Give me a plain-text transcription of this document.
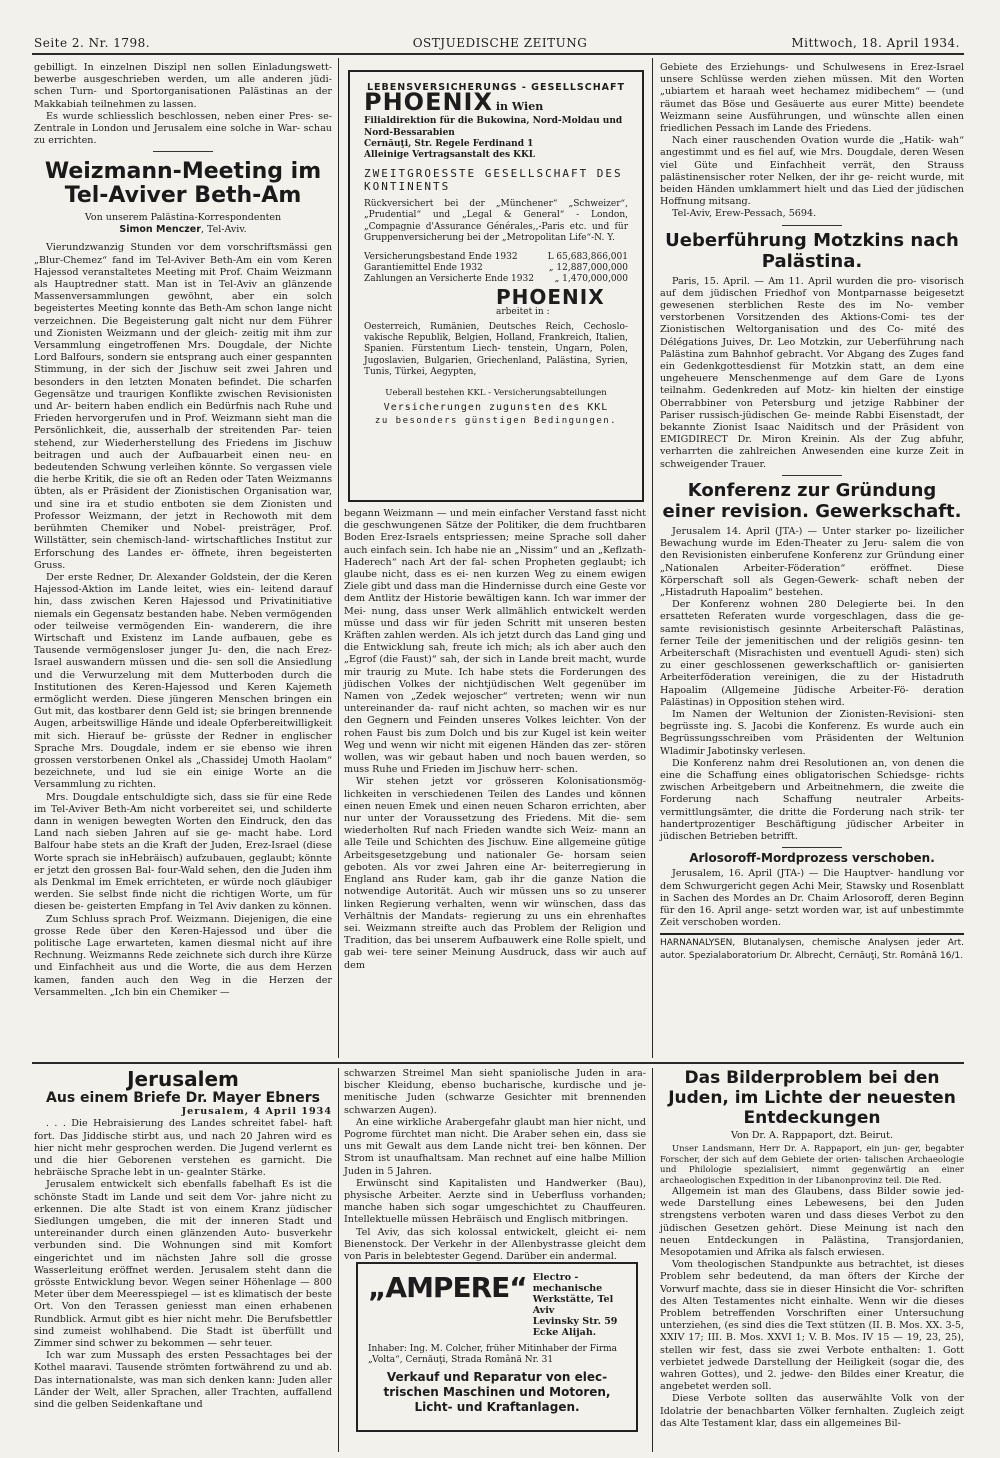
Seite 2. Nr. 1798.	OSTJUEDISCHE ZEITUNG	Mittwoch, 18. April 1934.

gebilligt. In einzelnen Diszipl nen sollen Einladungswett- bewerbe ausgeschrieben werden, um alle anderen jüdi- schen Turn- und Sportorganisationen Palästinas an der Makkabiah teilnehmen zu lassen.

Es wurde schliesslich beschlossen, neben einer Pres- se-Zentrale in London und Jerusalem eine solche in War- schau zu errichten.

Weizmann-Meeting im Tel-Aviver Beth-Am
Von unserem Palästina-Korrespondenten
Simon Menczer, Tel-Aviv.

Vierundzwanzig Stunden vor dem vorschriftsmässi gen „Blur-Chemez“ fand im Tel-Aviver Beth-Am ein vom Keren Hajessod veranstaltetes Meeting mit Prof. Chaim Weizmann als Hauptredner statt. Man ist in Tel-Aviv an glänzende Massenversammlungen gewöhnt, aber ein solch begeistertes Meeting konnte das Beth-Am schon lange nicht verzeichnen. Die Begeisterung galt nicht nur dem Führer und Zionisten Weizmann und der gleich- zeitig mit ihm zur Versammlung eingetroffenen Mrs. Dougdale, der Nichte Lord Balfours, sondern sie entsprang auch einer gespannten Stimmung, in der sich der Jischuw seit zwei Jahren und besonders in den letzten Monaten befindet. Die scharfen Gegensätze und traurigen Konflikte zwischen Revisionisten und Ar- beitern haben endlich ein Bedürfnis nach Ruhe und Frieden hervorgerufen und in Prof. Weizmann sieht man die Persönlichkeit, die, ausserhalb der streitenden Par- teien stehend, zur Wiederherstellung des Friedens im Jischuw beitragen und auch der Aufbauarbeit einen neu- en bedeutenden Schwung verleihen könnte. So vergassen viele die herbe Kritik, die sie oft an Reden oder Taten Weizmanns übten, als er Präsident der Zionistischen Organisation war, und sine ira et studio entboten sie dem Zionisten und Professor Weizmann, der jetzt in Rechowoth mit dem berühmten Chemiker und Nobel- preisträger, Prof. Willstätter, sein chemisch-land- wirtschaftliches Institut zur Erforschung des Landes er- öffnete, ihren begeisterten Gruss.

Der erste Redner, Dr. Alexander Goldstein, der die Keren Hajessod-Aktion im Lande leitet, wies ein- leitend darauf hin, dass zwischen Keren Hajessod und Privatinitiative niemals ein Gegensatz bestanden habe. Neben vermögenden oder teilweise vermögenden Ein- wanderern, die ihre Wirtschaft und Existenz im Lande aufbauen, gebe es Tausende vermögensloser junger Ju- den, die nach Erez-Israel auswandern müssen und die- sen soll die Ansiedlung und die Verwurzelung mit dem Mutterboden durch die Institutionen des Keren-Hajessod und Keren Kajemeth ermöglicht werden. Diese jüngeren Menschen bringen ein Gut mit, das kostbarer denn Geld ist; sie bringen brennende Augen, arbeitswillige Hände und ideale Opferbereitwilligkeit mit sich. Hierauf be- grüsste der Redner in englischer Sprache Mrs. Dougdale, indem er sie ebenso wie ihren grossen verstorbenen Onkel als „Chassidej Umoth Haolam“ bezeichnete, und lud sie ein einige Worte an die Versammlung zu richten.

Mrs. Dougdale entschuldigte sich, dass sie für eine Rede im Tel-Aviver Beth-Am nicht vorbereitet sei, und schilderte dann in wenigen bewegten Worten den Eindruck, den das Land nach sieben Jahren auf sie ge- macht habe. Lord Balfour habe stets an die Kraft der Juden, Erez-Israel (diese Worte sprach sie inHebräisch) aufzubauen, geglaubt; könnte er jetzt den grossen Bal- four-Wald sehen, den die Juden ihm als Denkmal im Emek errichteten, er würde noch gläubiger werden. Sie selbst finde nicht die richtigen Worte, um für diesen be- geisterten Empfang in Tel Aviv danken zu können.

Zum Schluss sprach Prof. Weizmann. Diejenigen, die eine grosse Rede über den Keren-Hajessod und über die politische Lage erwarteten, kamen diesmal nicht auf ihre Rechnung. Weizmanns Rede zeichnete sich durch ihre Kürze und Einfachheit aus und die Worte, die aus dem Herzen kamen, fanden auch den Weg in die Herzen der Versammelten. „Ich bin ein Chemiker —

LEBENSVERSICHERUNGS - GESELLSCHAFT
PHOENIX in Wien
Filialdirektion für die Bukowina, Nord-Moldau und Nord-Bessarabien
Cernăuţi, Str. Regele Ferdinand 1
Alleinige Vertragsanstalt des KKL
ZWEITGROESSTE GESELLSCHAFT DES KONTINENTS
Rückversichert bei der „Münchener“ „Schweizer“, „Prudential“ und „Legal & General“ - London, „Compagnie d'Assurance Générales,,-Paris etc. und für Gruppenversicherung bei der „Metropolitan Life“-N. Y.
Versicherungsbestand Ende 1932	L 65,683,866,001
Garantiemittel Ende 1932	„ 12,887,000,000
Zahlungen an Versicherte Ende 1932 „ 1,470,000,000
PHOENIX
arbeitet in :
Oesterreich, Rumänien, Deutsches Reich, Cechoslo- vakische Republik, Belgien, Holland, Frankreich, Italien, Spanien. Fürstentum Liech- tenstein, Ungarn, Polen, Jugoslavien, Bulgarien, Griechenland, Palästina, Syrien, Tunis, Türkei, Aegypten,
Ueberall bestehen KKL - Versicherungsabteilungen
Versicherungen zugunsten des KKL
zu besonders günstigen Bedingungen.

begann Weizmann — und mein einfacher Verstand fasst nicht die geschwungenen Sätze der Politiker, die dem fruchtbaren Boden Erez-Israels entspriessen; meine Sprache soll daher auch einfach sein. Ich habe nie an „Nissim“ und an „Keflzath-Haderech“ nach Art der fal- schen Propheten geglaubt; ich glaube nicht, dass es ei- nen kurzen Weg zu einem ewigen Ziele gibt und dass man die Hindernisse durch eine Geste vor dem Antlitz der Historie bewältigen kann. Ich war immer der Mei- nung, dass unser Werk allmählich entwickelt werden müsse und dass wir für jeden Schritt mit unseren besten Kräften zahlen werden. Als ich jetzt durch das Land ging und die Entwicklung sah, freute ich mich; als ich aber auch den „Egrof (die Faust)“ sah, der sich in Lande breit macht, wurde mir traurig zu Mute. Ich habe stets die Forderungen des jüdischen Volkes der nichtjüdischen Welt gegenüber im Namen von „Zedek wejoscher“ vertreten; wenn wir nun untereinander da- rauf nicht achten, so machen wir es nur den Gegnern und Feinden unseres Volkes leichter. Von der rohen Faust bis zum Dolch und bis zur Kugel ist kein weiter Weg und wenn wir nicht mit eigenen Händen das zer- stören wollen, was wir gebaut haben und noch bauen werden, so muss Ruhe und Frieden im Jischuw herr- schen.

Wir stehen jetzt vor grösseren Kolonisationsmög- lichkeiten in verschiedenen Teilen des Landes und können einen neuen Emek und einen neuen Scharon errichten, aber nur unter der Voraussetzung des Friedens. Mit die- sem wiederholten Ruf nach Frieden wandte sich Weiz- mann an alle Teile und Schichten des Jischuw. Eine allgemeine gütige Arbeitsgesetzgebung und nationaler Ge- horsam seien geboten. Als vor zwei Jahren eine Ar- beiterregierung in England ans Ruder kam, gab ihr die ganze Nation die notwendige Autorität. Auch wir müssen uns so zu unserer linken Regierung verhalten, wenn wir wünschen, dass das Verhältnis der Mandats- regierung zu uns ein ehrenhaftes sei. Weizmann streifte auch das Problem der Religion und Tradition, das bei unserem Aufbauwerk eine Rolle spielt, und gab wei- tere seiner Meinung Ausdruck, dass wir auch auf dem

Gebiete des Erziehungs- und Schulwesens in Erez-Israel unsere Schlüsse werden ziehen müssen. Mit den Worten „ubiartem et haraah weet hechamez midibechem“ — (und räumet das Böse und Gesäuerte aus eurer Mitte) beendete Weizmann seine Ausführungen, und wünschte allen einen friedlichen Pessach im Lande des Friedens.

Nach einer rauschenden Ovation wurde die „Hatik- wah“ angestimmt und es fiel auf, wie Mrs. Dougdale, deren Wesen viel Güte und Einfachheit verrät, den Strauss palästinensischer roter Nelken, der ihr ge- reicht wurde, mit beiden Händen umklammert hielt und das Lied der jüdischen Hoffnung mitsang.

Tel-Aviv, Erew-Pessach, 5694.

Ueberführung Motzkins nach Palästina.

Paris, 15. April. — Am 11. April wurden die pro- visorisch auf dem jüdischen Friedhof von Montparnasse beigesetzt gewesenen sterblichen Reste des im No- vember verstorbenen Vorsitzenden des Aktions-Comi- tes der Zionistischen Weltorganisation und des Co- mité des Délégations Juives, Dr. Leo Motzkin, zur Ueberführung nach Palästina zum Bahnhof gebracht. Vor Abgang des Zuges fand ein Gedenkgottesdienst für Motzkin statt, an dem eine ungeheuere Menschenmenge auf dem Gare de Lyons teilnahm. Gedenkreden auf Motz- kin hielten der einstige Oberrabbiner von Petersburg und jetzige Rabbiner der Pariser russisch-jüdischen Ge- meinde Rabbi Eisenstadt, der bekannte Zionist Isaac Naiditsch und der Präsident von EMIGDIRECT Dr. Miron Kreinin. Als der Zug abfuhr, verharrten die zahlreichen Anwesenden eine kurze Zeit in schweigender Trauer.

Konferenz zur Gründung einer revision. Gewerkschaft.

Jerusalem 14. April (JTA-) — Unter starker po- lizeilicher Bewachung wurde im Eden-Theater zu Jeru- salem die von den Revisionisten einberufene Konferenz zur Gründung einer „Nationalen Arbeiter-Föderation“ eröffnet. Diese Körperschaft soll als Gegen-Gewerk- schaft neben der „Histadruth Hapoalim“ bestehen.

Der Konferenz wohnen 280 Delegierte bei. In den ersatteten Referaten wurde vorgeschlagen, dass die ge- samte revisionistisch gesinnte Arbeiterschaft Palästinas, ferner Teile der jemenitischen und der religiös gesinn- ten Arbeiterschaft (Misrachisten und eventuell Agudi- sten) sich zu einer geschlossenen gewerkschaftlich or- ganisierten Arbeiterföderation vereinigen, die zu der Histadruth Hapoalim (Allgemeine Jüdische Arbeiter-Fö- deration Palästinas) in Opposition stehen wird.

Im Namen der Weltunion der Zionisten-Revisioni- sten begrüsste ing. S. Jacobi die Konferenz. Es wurde auch ein Begrüssungsschreiben vom Präsidenten der Weltunion Wladimir Jabotinsky verlesen.

Die Konferenz nahm drei Resolutionen an, von denen die eine die Schaffung eines obligatorischen Schiedsge- richts zwischen Arbeitgebern und Arbeitnehmern, die zweite die Forderung nach Schaffung neutraler Arbeits- vermittlungsämter, die dritte die Forderung nach strik- ter handertprozentiger Beschäftigung jüdischer Arbeiter in jüdischen Betrieben betrifft.

Arlosoroff-Mordprozess verschoben.

Jerusalem, 16. April (JTA-) — Die Hauptver- handlung vor dem Schwurgericht gegen Achi Meir, Stawsky und Rosenblatt in Sachen des Mordes an Dr. Chaim Arlosoroff, deren Beginn für den 16. April ange- setzt worden war, ist auf unbestimmte Zeit verschoben worden.

HARNANALYSEN, Blutanalysen, chemische Analysen jeder Art. autor. Spezialaboratorium Dr. Albrecht, Cernăuţi, Str. Română 16/1.
Jerusalem
Aus einem Briefe Dr. Mayer Ebners
Jerusalem, 4 April 1934

. . . Die Hebraisierung des Landes schreitet fabel- haft fort. Das Jiddische stirbt aus, und nach 20 Jahren wird es hier nicht mehr gesprochen werden. Die Jugend verlernt es und die hier Geborenen verstehen es garnicht. Die hebräische Sprache lebt in un- gealnter Stärke.

Jerusalem entwickelt sich ebenfalls fabelhaft Es ist die schönste Stadt im Lande und seit dem Vor- jahre nicht zu erkennen. Die alte Stadt ist von einem Kranz jüdischer Siedlungen umgeben, die mit der inneren Stadt und untereinander durch einen glänzenden Auto- busverkehr verbunden sind. Die Wohnungen sind mit Komfort eingerichtet und im nächsten Jahre soll die grosse Wasserleitung eröffnet werden. Jerusalem steht dann die grösste Entwicklung bevor. Wegen seiner Höhenlage — 800 Meter über dem Meeresspiegel — ist es klimatisch der beste Ort. Von den Terassen geniesst man einen erhabenen Rundblick. Armut gibt es hier nicht mehr. Die Berufsbettler sind zumeist wohlhabend. Die Stadt ist überfüllt und Zimmer sind schwer zu bekommen — sehr teuer.

Ich war zum Mussaph des ersten Pessachtages bei der Kothel maaravi. Tausende strömten fortwährend zu und ab. Das internationalste, was man sich denken kann: Juden aller Länder der Welt, aller Sprachen, aller Trachten, auffallend sind die gelben Seidenkaftane und

schwarzen Streimel Man sieht spaniolische Juden in ara- bischer Kleidung, ebenso bucharische, kurdische und je- menitische Juden (schwarze Gesichter mit brennenden schwarzen Augen).

An eine wirkliche Arabergefahr glaubt man hier nicht, und Pogrome fürchtet man nicht. Die Araber sehen ein, dass sie uns mit Gewalt aus dem Lande nicht trei- ben können. Der Strom ist unaufhaltsam. Man rechnet auf eine halbe Million Juden in 5 Jahren.

Erwünscht sind Kapitalisten und Handwerker (Bau), physische Arbeiter. Aerzte sind in Ueberfluss vorhanden; manche haben sich sogar umgeschichtet zu Chauffeuren. Intellektuelle müssen Hebräisch und Englisch mitbringen.

Tel Aviv, das sich kolossal entwickelt, gleicht ei- nem Bienenstock. Der Verkehr in der Allenbystrasse gleicht dem von Paris in belebtester Gegend. Darüber ein andermal.

„AMPERE“ Electro - mechanische Werkstätte, Tel Aviv
Levinsky Str. 59
Ecke Alijah.
Inhaber: Ing. M. Colcher, früher Mitinhaber der Firma „Volta“, Cernăuţi, Strada Română Nr. 31
Verkauf und Reparatur von elec-
trischen Maschinen und Motoren,
Licht- und Kraftanlagen.
Das Bilderproblem bei den Juden, im Lichte der neuesten Entdeckungen
Von Dr. A. Rappaport, dzt. Beirut.

Unser Landsmann, Herr Dr. A. Rappaport, ein jun- ger, begabter Forscher, der sich auf dem Gebiete der orien- talischen Archaeologie und Philologie spezialisiert, nimmt gegenwärtig an einer archaeologischen Expedition in der Libanonprovinz teil. Die Red.

Allgemein ist man des Glaubens, dass Bilder sowie jed- wede Darstellung eines Lebewesens, bei den Juden strengstens verboten waren und dass dieses Verbot zu den jüdischen Gesetzen gehört. Diese Meinung ist nach den neuen Entdeckungen in Palästina, Transjordanien, Mesopotamien und Afrika als falsch erwiesen.

Vom theologischen Standpunkte aus betrachtet, ist dieses Problem sehr bedeutend, da man öfters der Kirche der Vorwurf machte, dass sie in dieser Hinsicht die Vor- schriften des Alten Testamentes nicht einhalte. Wenn wir die dieses Problem betreffenden Vorschriften einer Untersuchung unterziehen, (es sind dies die Text stützen (II. B. Mos. XX. 3-5, XXIV 17; III. B. Mos. XXVI 1; V. B. Mos. IV 15 — 19, 23, 25), stellen wir fest, dass sie zwei Verbote enthalten: 1. Gott verbietet jedwede Darstellung der Heiligkeit (sogar die, des wahren Gottes), und 2. jedwe- den Bildes einer Kreatur, die angebetet werden soll.

Diese Verbote sollten das auserwählte Volk von der Idolatrie der benachbarten Völker fernhalten. Zugleich zeigt das Alte Testament klar, dass ein allgemeines Bil-
